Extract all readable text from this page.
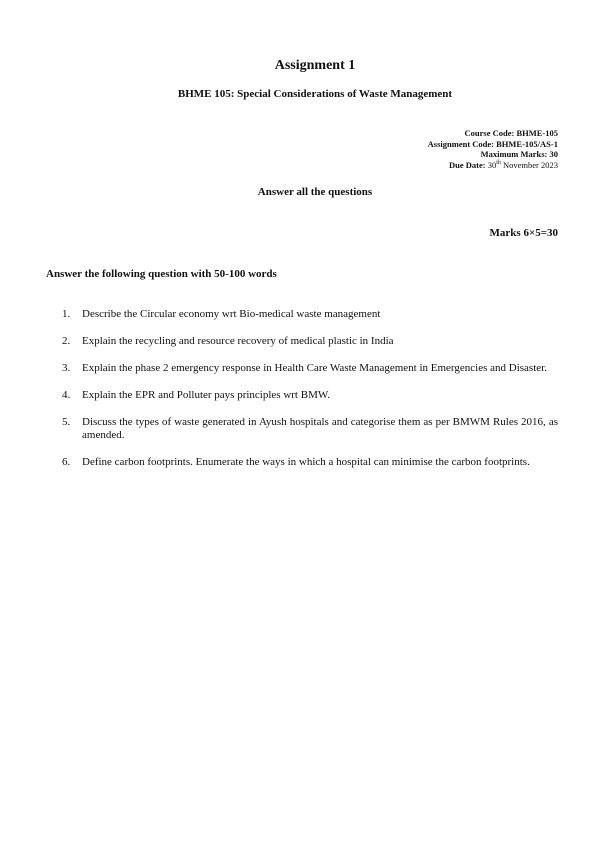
Assignment 1
BHME 105: Special Considerations of Waste Management
Course Code: BHME-105
Assignment Code: BHME-105/AS-1
Maximum Marks: 30
Due Date: 30th November 2023
Answer all the questions
Marks 6×5=30
Answer the following question with 50-100 words
1.	Describe the Circular economy wrt Bio-medical waste management
2.	Explain the recycling and resource recovery of medical plastic in India
3.	Explain the phase 2 emergency response in Health Care Waste Management in Emergencies and Disaster.
4.	Explain the EPR and Polluter pays principles wrt BMW.
5.	Discuss the types of waste generated in Ayush hospitals and categorise them as per BMWM Rules 2016, as amended.
6.	Define carbon footprints. Enumerate the ways in which a hospital can minimise the carbon footprints.
